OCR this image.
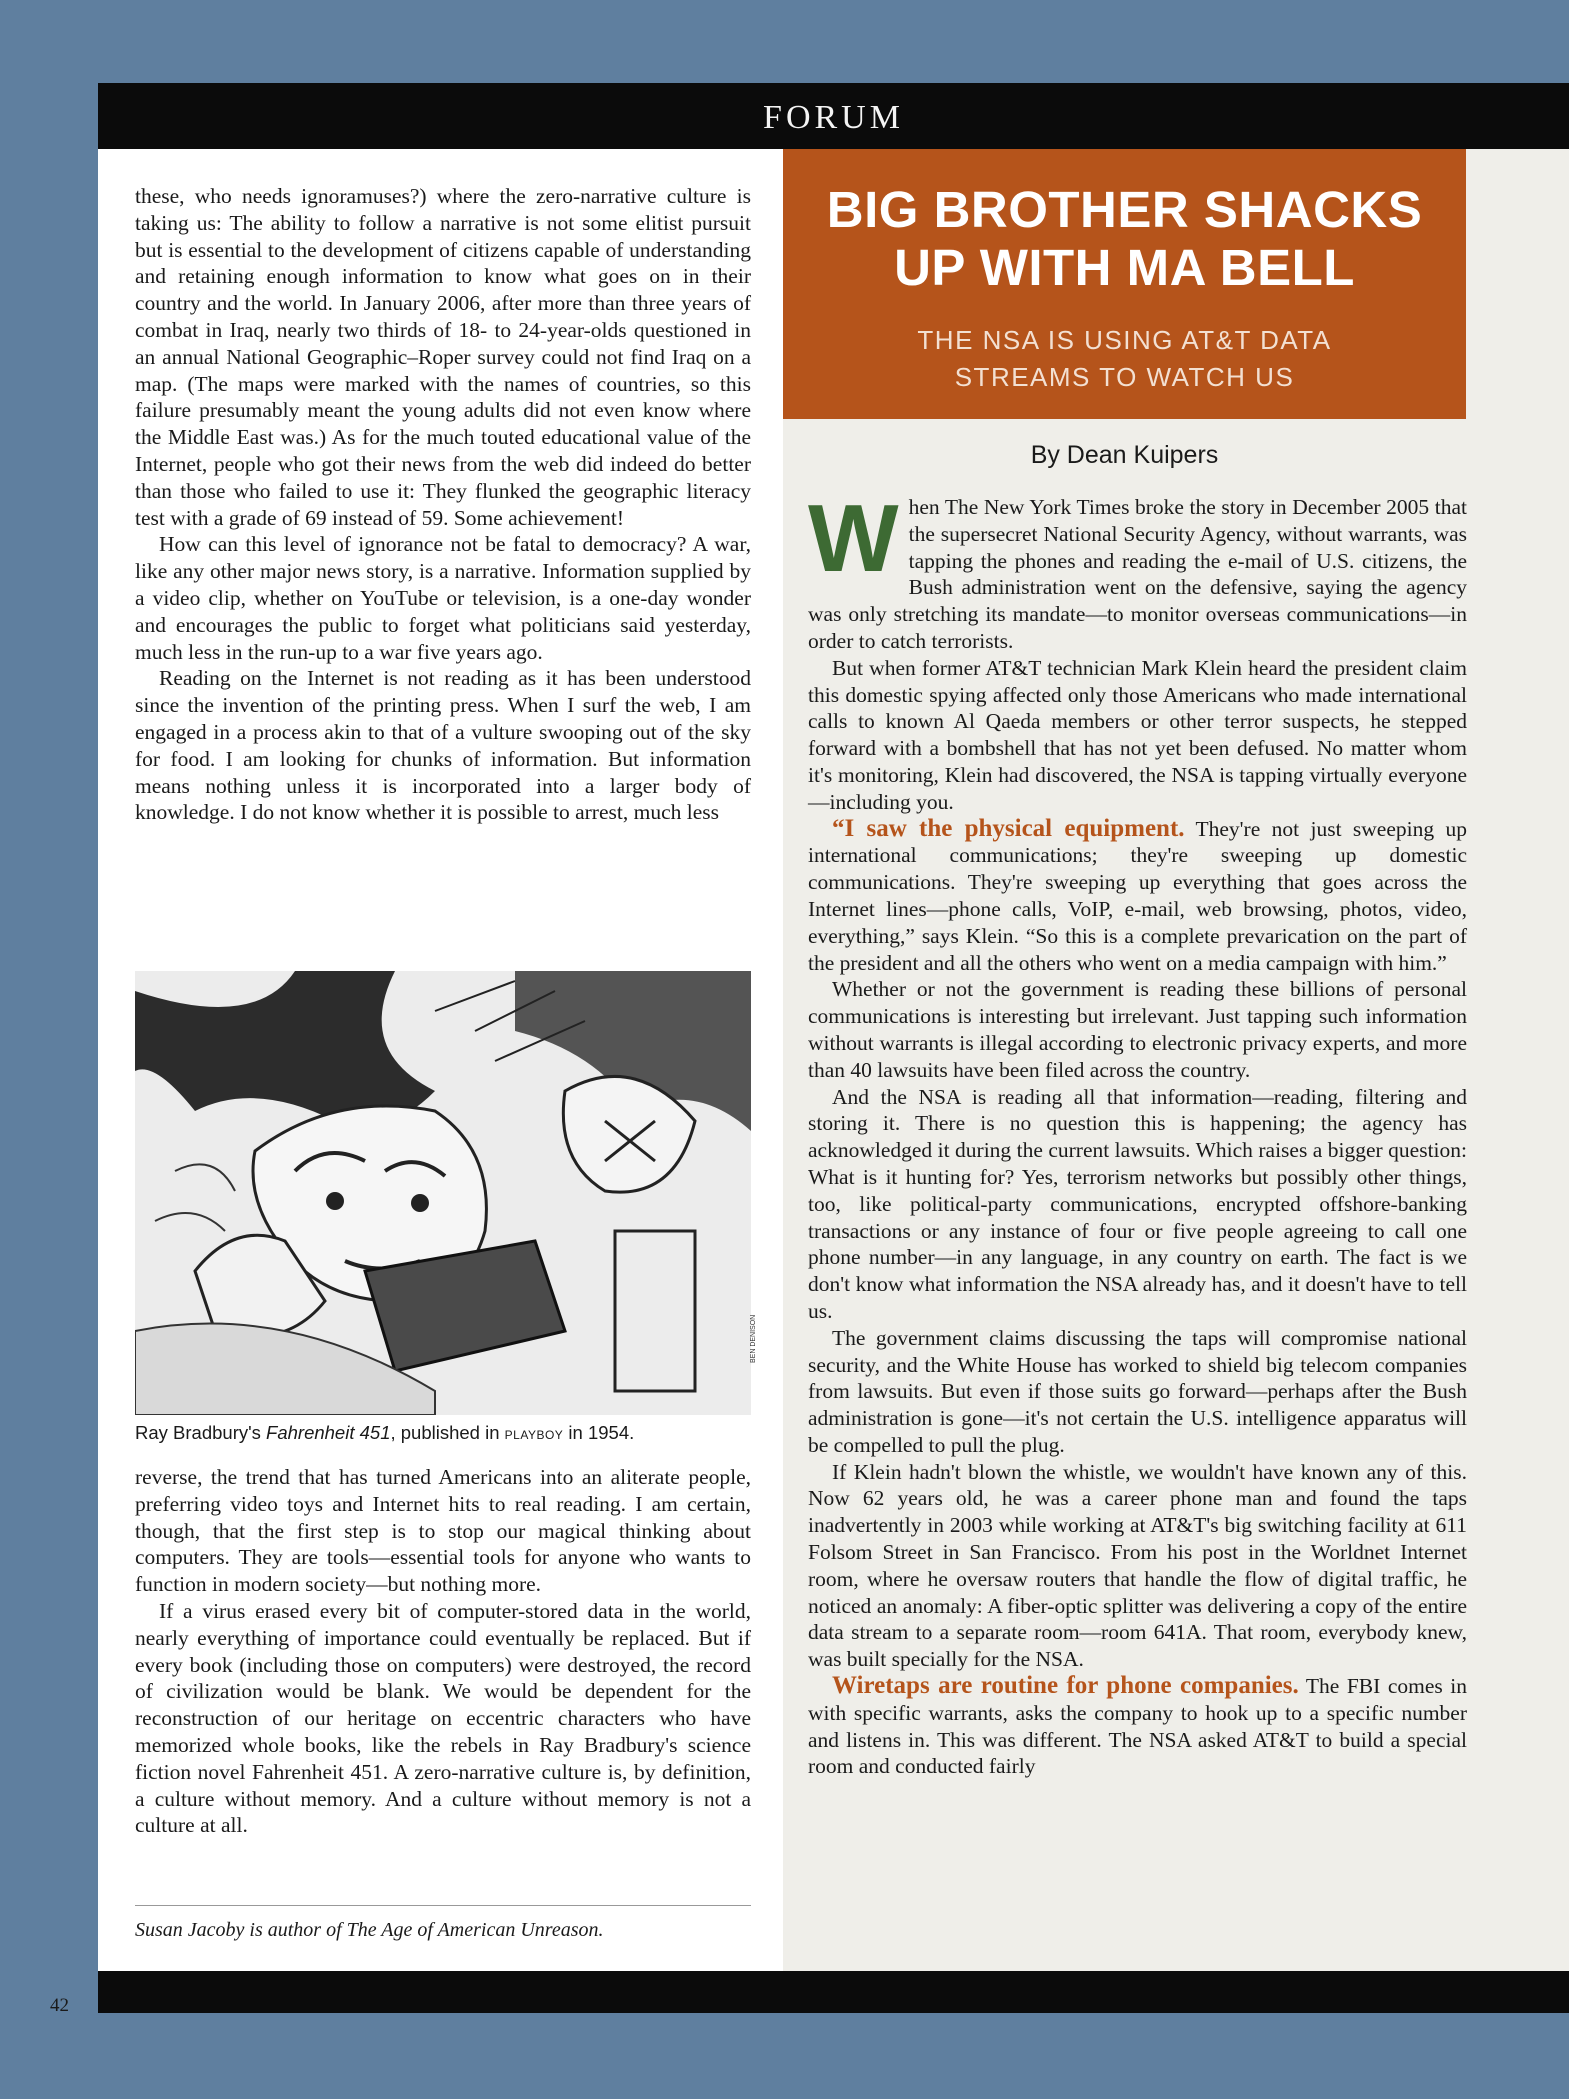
FORUM

these, who needs ignoramuses?) where the zero-narrative culture is taking us: The ability to follow a narrative is not some elitist pursuit but is essential to the development of citizens capable of understanding and retaining enough information to know what goes on in their country and the world. In January 2006, after more than three years of combat in Iraq, nearly two thirds of 18- to 24-year-olds questioned in an annual National Geographic–Roper survey could not find Iraq on a map. (The maps were marked with the names of countries, so this failure presumably meant the young adults did not even know where the Middle East was.) As for the much touted educational value of the Internet, people who got their news from the web did indeed do better than those who failed to use it: They flunked the geographic literacy test with a grade of 69 instead of 59. Some achievement!

How can this level of ignorance not be fatal to democracy? A war, like any other major news story, is a narrative. Information supplied by a video clip, whether on YouTube or television, is a one-day wonder and encourages the public to forget what politicians said yesterday, much less in the run-up to a war five years ago.

Reading on the Internet is not reading as it has been understood since the invention of the printing press. When I surf the web, I am engaged in a process akin to that of a vulture swooping out of the sky for food. I am looking for chunks of information. But information means nothing unless it is incorporated into a larger body of knowledge. I do not know whether it is possible to arrest, much less

BEN DENISON
Ray Bradbury's Fahrenheit 451, published in PLAYBOY in 1954.

reverse, the trend that has turned Americans into an aliterate people, preferring video toys and Internet hits to real reading. I am certain, though, that the first step is to stop our magical thinking about computers. They are tools—essential tools for anyone who wants to function in modern society—but nothing more.

If a virus erased every bit of computer-stored data in the world, nearly everything of importance could eventually be replaced. But if every book (including those on computers) were destroyed, the record of civilization would be blank. We would be dependent for the reconstruction of our heritage on eccentric characters who have memorized whole books, like the rebels in Ray Bradbury's science fiction novel Fahrenheit 451. A zero-narrative culture is, by definition, a culture without memory. And a culture without memory is not a culture at all.

Susan Jacoby is author of The Age of American Unreason.
BIG BROTHER SHACKS
UP WITH MA BELL
THE NSA IS USING AT&T DATA
STREAMS TO WATCH US
By Dean Kuipers

When The New York Times broke the story in December 2005 that the supersecret National Security Agency, without warrants, was tapping the phones and reading the e-mail of U.S. citizens, the Bush administration went on the defensive, saying the agency was only stretching its mandate—to monitor overseas communications—in order to catch terrorists.

But when former AT&T technician Mark Klein heard the president claim this domestic spying affected only those Americans who made international calls to known Al Qaeda members or other terror suspects, he stepped forward with a bombshell that has not yet been defused. No matter whom it's monitoring, Klein had discovered, the NSA is tapping virtually everyone—including you.

“I saw the physical equipment. They're not just sweeping up international communications; they're sweeping up domestic communications. They're sweeping up everything that goes across the Internet lines—phone calls, VoIP, e-mail, web browsing, photos, video, everything,” says Klein. “So this is a complete prevarication on the part of the president and all the others who went on a media campaign with him.”

Whether or not the government is reading these billions of personal communications is interesting but irrelevant. Just tapping such information without warrants is illegal according to electronic privacy experts, and more than 40 lawsuits have been filed across the country.

And the NSA is reading all that information—reading, filtering and storing it. There is no question this is happening; the agency has acknowledged it during the current lawsuits. Which raises a bigger question: What is it hunting for? Yes, terrorism networks but possibly other things, too, like political-party communications, encrypted offshore-banking transactions or any instance of four or five people agreeing to call one phone number—in any language, in any country on earth. The fact is we don't know what information the NSA already has, and it doesn't have to tell us.

The government claims discussing the taps will compromise national security, and the White House has worked to shield big telecom companies from lawsuits. But even if those suits go forward—perhaps after the Bush administration is gone—it's not certain the U.S. intelligence apparatus will be compelled to pull the plug.

If Klein hadn't blown the whistle, we wouldn't have known any of this. Now 62 years old, he was a career phone man and found the taps inadvertently in 2003 while working at AT&T's big switching facility at 611 Folsom Street in San Francisco. From his post in the Worldnet Internet room, where he oversaw routers that handle the flow of digital traffic, he noticed an anomaly: A fiber-optic splitter was delivering a copy of the entire data stream to a separate room—room 641A. That room, everybody knew, was built specially for the NSA.

Wiretaps are routine for phone companies. The FBI comes in with specific warrants, asks the company to hook up to a specific number and listens in. This was different. The NSA asked AT&T to build a special room and conducted fairly

42
